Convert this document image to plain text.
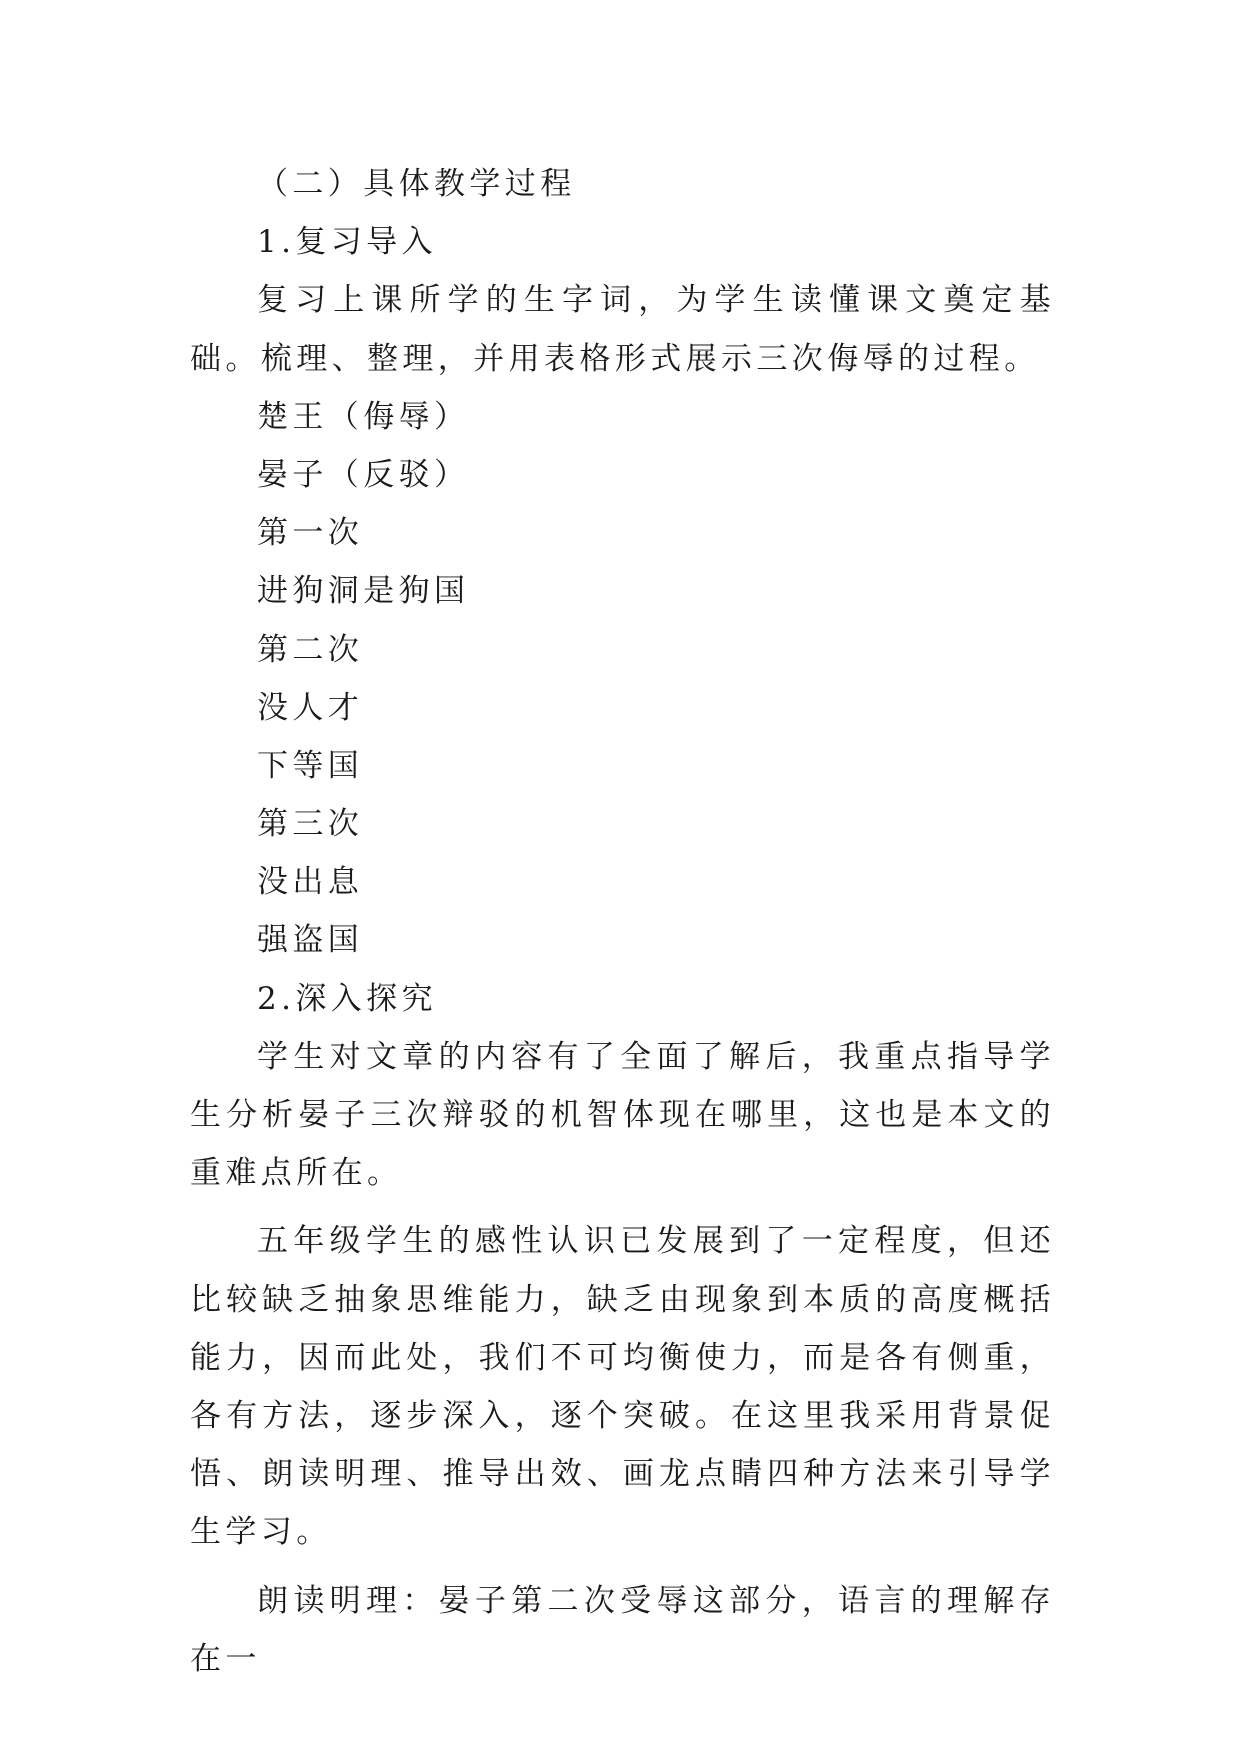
（二）具体教学过程
1.复习导入

复习上课所学的生字词，为学生读懂课文奠定基础。梳理、整理，并用表格形式展示三次侮辱的过程。

楚王（侮辱）
晏子（反驳）
第一次
进狗洞是狗国
第二次
没人才
下等国
第三次
没出息
强盗国
2.深入探究

学生对文章的内容有了全面了解后，我重点指导学生分析晏子三次辩驳的机智体现在哪里，这也是本文的重难点所在。

五年级学生的感性认识已发展到了一定程度，但还比较缺乏抽象思维能力，缺乏由现象到本质的高度概括能力，因而此处，我们不可均衡使力，而是各有侧重，各有方法，逐步深入，逐个突破。在这里我采用背景促悟、朗读明理、推导出效、画龙点睛四种方法来引导学生学习。

朗读明理：晏子第二次受辱这部分，语言的理解存在一
